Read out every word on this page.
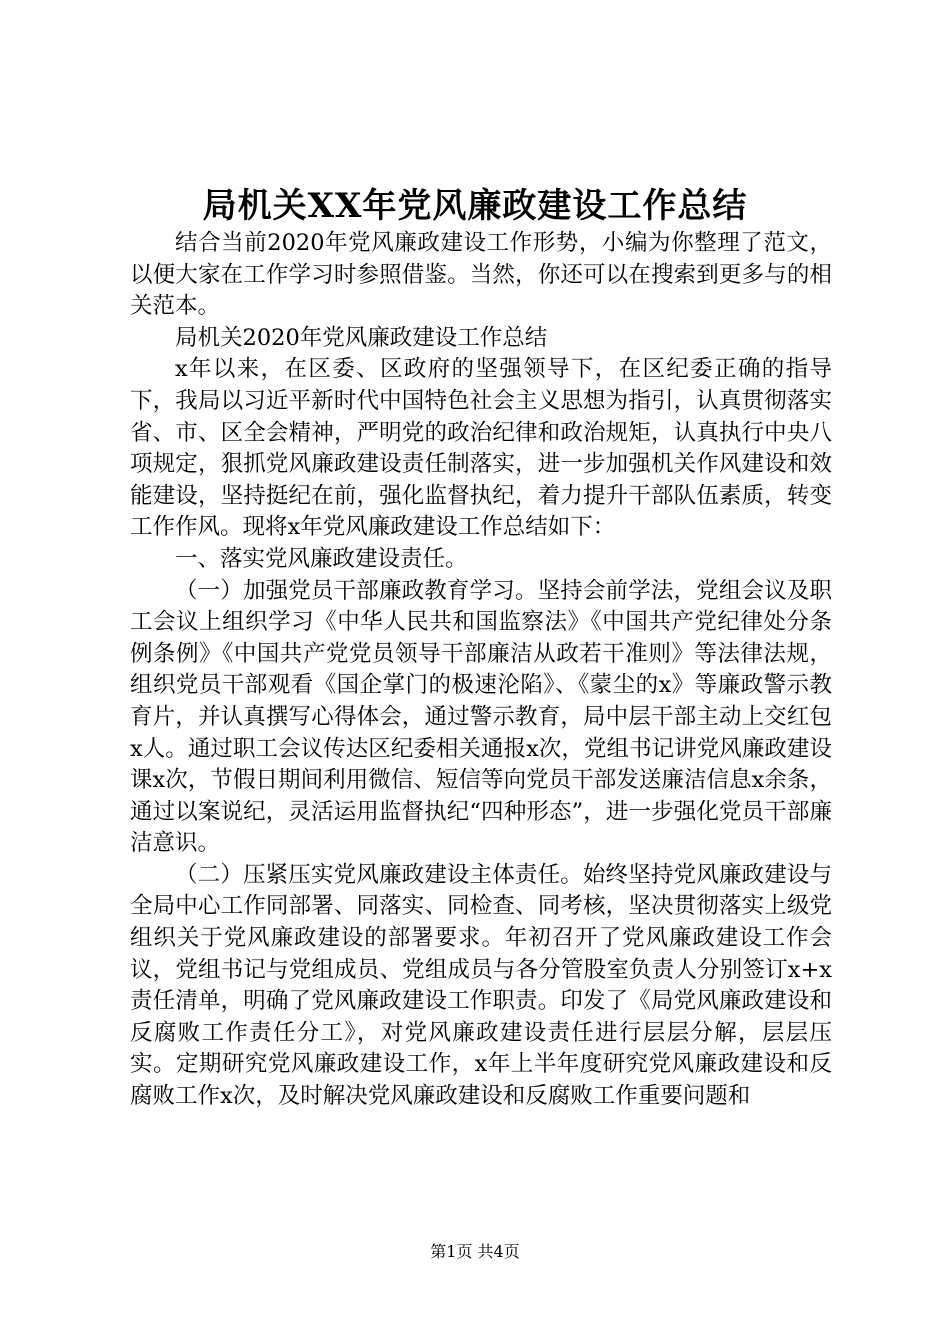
局机关XX年党风廉政建设工作总结

结合当前2020年党风廉政建设工作形势，小编为你整理了范文，以便大家在工作学习时参照借鉴。当然，你还可以在搜索到更多与的相关范本。

局机关2020年党风廉政建设工作总结

x年以来，在区委、区政府的坚强领导下，在区纪委正确的指导下，我局以习近平新时代中国特色社会主义思想为指引，认真贯彻落实省、市、区全会精神，严明党的政治纪律和政治规矩，认真执行中央八项规定，狠抓党风廉政建设责任制落实，进一步加强机关作风建设和效能建设，坚持挺纪在前，强化监督执纪，着力提升干部队伍素质，转变工作作风。现将x年党风廉政建设工作总结如下：

一、落实党风廉政建设责任。

（一）加强党员干部廉政教育学习。坚持会前学法，党组会议及职工会议上组织学习《中华人民共和国监察法》《中国共产党纪律处分条例条例》《中国共产党党员领导干部廉洁从政若干准则》等法律法规，组织党员干部观看《国企掌门的极速沦陷》、《蒙尘的x》等廉政警示教育片，并认真撰写心得体会，通过警示教育，局中层干部主动上交红包x人。通过职工会议传达区纪委相关通报x次，党组书记讲党风廉政建设课x次，节假日期间利用微信、短信等向党员干部发送廉洁信息x余条，通过以案说纪，灵活运用监督执纪“四种形态”，进一步强化党员干部廉洁意识。

（二）压紧压实党风廉政建设主体责任。始终坚持党风廉政建设与全局中心工作同部署、同落实、同检查、同考核，坚决贯彻落实上级党组织关于党风廉政建设的部署要求。年初召开了党风廉政建设工作会议，党组书记与党组成员、党组成员与各分管股室负责人分别签订x+x责任清单，明确了党风廉政建设工作职责。印发了《局党风廉政建设和反腐败工作责任分工》，对党风廉政建设责任进行层层分解，层层压实。定期研究党风廉政建设工作，x年上半年度研究党风廉政建设和反腐败工作x次，及时解决党风廉政建设和反腐败工作重要问题和

第1页 共4页
